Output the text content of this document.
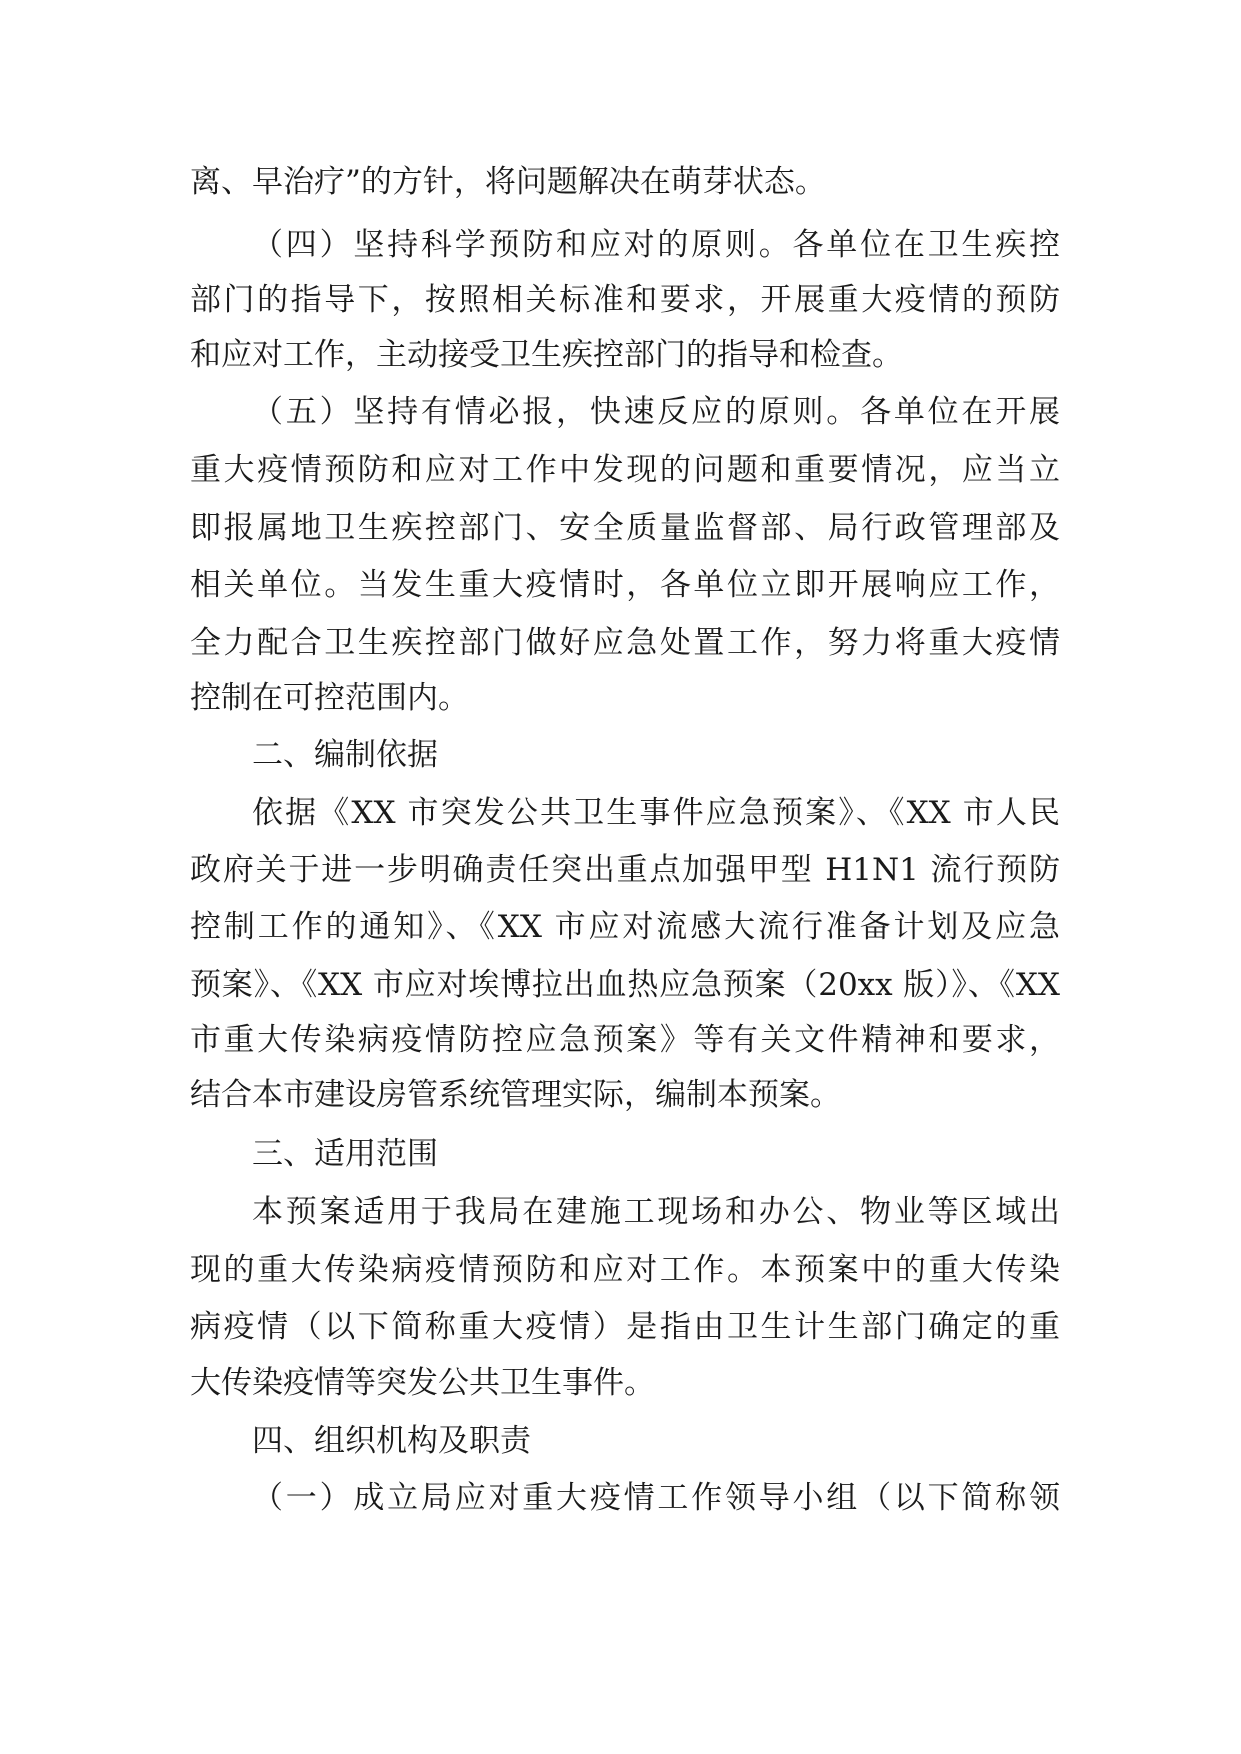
离、早治疗”的方针，将问题解决在萌芽状态。
（四）坚持科学预防和应对的原则。各单位在卫生疾控
部门的指导下，按照相关标准和要求，开展重大疫情的预防
和应对工作，主动接受卫生疾控部门的指导和检查。
（五）坚持有情必报，快速反应的原则。各单位在开展
重大疫情预防和应对工作中发现的问题和重要情况，应当立
即报属地卫生疾控部门、安全质量监督部、局行政管理部及
相关单位。当发生重大疫情时，各单位立即开展响应工作，
全力配合卫生疾控部门做好应急处置工作，努力将重大疫情
控制在可控范围内。
二、编制依据
依据《XX 市突发公共卫生事件应急预案》、《XX 市人民
政府关于进一步明确责任突出重点加强甲型 H1N1 流行预防
控制工作的通知》、《XX 市应对流感大流行准备计划及应急
预案》、《XX 市应对埃博拉出血热应急预案（20xx 版）》、《XX
市重大传染病疫情防控应急预案》等有关文件精神和要求，
结合本市建设房管系统管理实际，编制本预案。
三、适用范围
本预案适用于我局在建施工现场和办公、物业等区域出
现的重大传染病疫情预防和应对工作。本预案中的重大传染
病疫情（以下简称重大疫情）是指由卫生计生部门确定的重
大传染疫情等突发公共卫生事件。
四、组织机构及职责
（一）成立局应对重大疫情工作领导小组（以下简称领
